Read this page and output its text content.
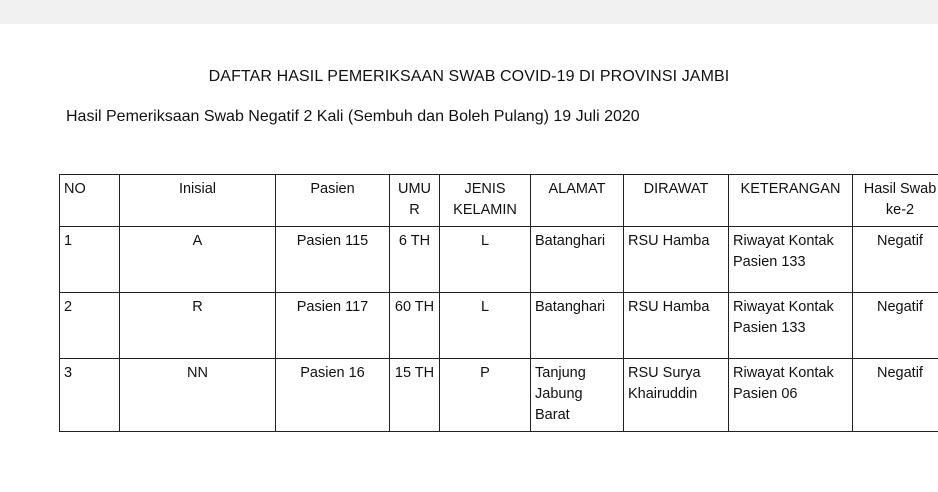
DAFTAR HASIL PEMERIKSAAN SWAB COVID-19 DI PROVINSI JAMBI
Hasil Pemeriksaan Swab Negatif 2 Kali (Sembuh dan Boleh Pulang) 19 Juli 2020
NO	Inisial	Pasien	UMUR	JENIS KELAMIN	ALAMAT	DIRAWAT	KETERANGAN	Hasil Swab ke-2
1	A	Pasien 115	6 TH	L	Batanghari	RSU Hamba	Riwayat Kontak Pasien 133	Negatif
2	R	Pasien 117	60 TH	L	Batanghari	RSU Hamba	Riwayat Kontak Pasien 133	Negatif
3	NN	Pasien 16	15 TH	P	Tanjung Jabung Barat	RSU Surya Khairuddin	Riwayat Kontak Pasien 06	Negatif
